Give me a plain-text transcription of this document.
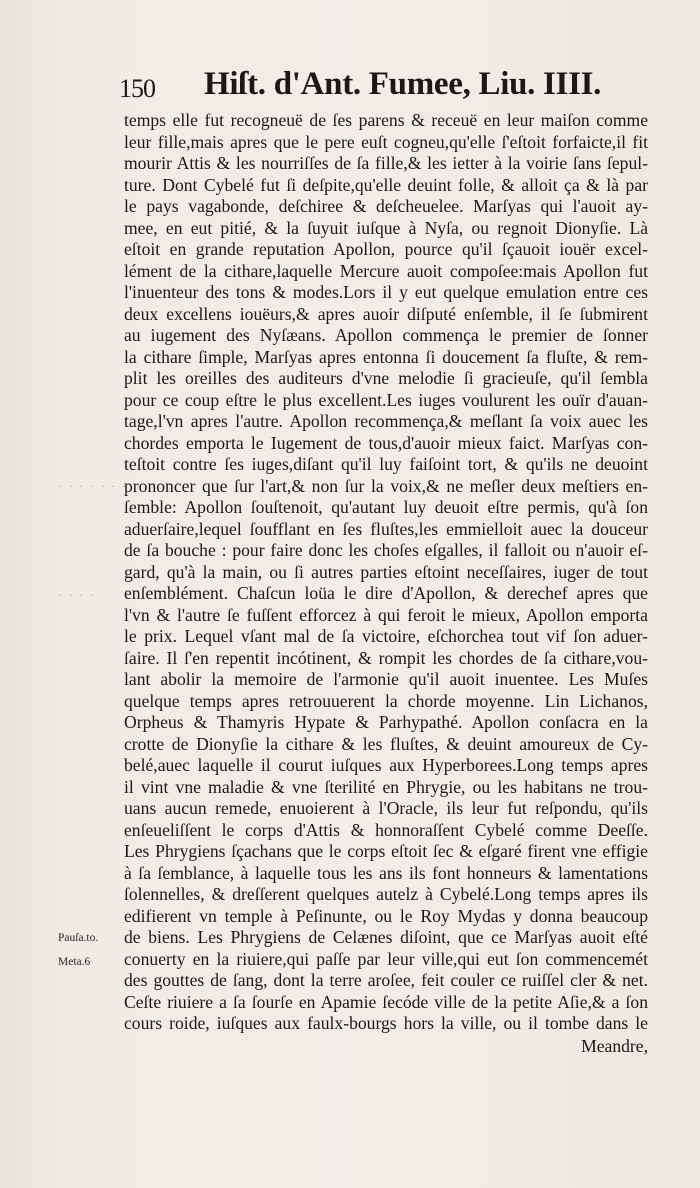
150 Hiſt. d'Ant. Fumee, Liu. IIII.
· · · · · · ·
· · · ·
Pauſa.to.
Meta.6
temps elle fut recogneuë de ſes parens & receuë en leur maiſon comme
leur fille,mais apres que le pere euſt cogneu,qu'elle ſ'eſtoit forfaicte,il fit
mourir Attis & les nourriſſes de ſa fille,& les ietter à la voirie ſans ſepul-
ture. Dont Cybelé fut ſi deſpite,qu'elle deuint folle, & alloit ça & là par
le pays vagabonde, deſchiree & deſcheuelee. Marſyas qui l'auoit ay-
mee, en eut pitié, & la ſuyuit iuſque à Nyſa, ou regnoit Dionyſie. Là
eſtoit en grande reputation Apollon, pource qu'il ſçauoit iouër excel-
lément de la cithare,laquelle Mercure auoit compoſee:mais Apollon fut
l'inuenteur des tons & modes.Lors il y eut quelque emulation entre ces
deux excellens iouëurs,& apres auoir diſputé enſemble, il ſe ſubmirent
au iugement des Nyſæans. Apollon commença le premier de ſonner
la cithare ſimple, Marſyas apres entonna ſi doucement ſa fluſte, & rem-
plit les oreilles des auditeurs d'vne melodie ſi gracieuſe, qu'il ſembla
pour ce coup eſtre le plus excellent.Les iuges voulurent les ouïr d'auan-
tage,l'vn apres l'autre. Apollon recommença,& meſlant ſa voix auec les
chordes emporta le Iugement de tous,d'auoir mieux faict. Marſyas con-
teſtoit contre ſes iuges,diſant qu'il luy faiſoint tort, & qu'ils ne deuoint
prononcer que ſur l'art,& non ſur la voix,& ne meſler deux meſtiers en-
ſemble: Apollon ſouſtenoit, qu'autant luy deuoit eſtre permis, qu'à ſon
aduerſaire,lequel ſoufflant en ſes fluſtes,les emmielloit auec la douceur
de ſa bouche : pour faire donc les choſes eſgalles, il falloit ou n'auoir eſ-
gard, qu'à la main, ou ſi autres parties eſtoint neceſſaires, iuger de tout
enſemblément. Chaſcun loüa le dire d'Apollon, & derechef apres que
l'vn & l'autre ſe fuſſent efforcez à qui feroit le mieux, Apollon emporta
le prix. Lequel vſant mal de ſa victoire, eſchorchea tout vif ſon aduer-
ſaire. Il ſ'en repentit incótinent, & rompit les chordes de ſa cithare,vou-
lant abolir la memoire de l'armonie qu'il auoit inuentee. Les Muſes
quelque temps apres retrouuerent la chorde moyenne. Lin Lichanos,
Orpheus & Thamyris Hypate & Parhypathé. Apollon conſacra en la
crotte de Dionyſie la cithare & les fluſtes, & deuint amoureux de Cy-
belé,auec laquelle il courut iuſques aux Hyperborees.Long temps apres
il vint vne maladie & vne ſterilité en Phrygie, ou les habitans ne trou-
uans aucun remede, enuoierent à l'Oracle, ils leur fut reſpondu, qu'ils
enſeueliſſent le corps d'Attis & honnoraſſent Cybelé comme Deeſſe.
Les Phrygiens ſçachans que le corps eſtoit ſec & eſgaré firent vne effigie
à ſa ſemblance, à laquelle tous les ans ils font honneurs & lamentations
ſolennelles, & dreſſerent quelques autelz à Cybelé.Long temps apres ils
edifierent vn temple à Peſinunte, ou le Roy Mydas y donna beaucoup
de biens. Les Phrygiens de Celænes diſoint, que ce Marſyas auoit eſté
conuerty en la riuiere,qui paſſe par leur ville,qui eut ſon commencemét
des gouttes de ſang, dont la terre aroſee, feit couler ce ruiſſel cler & net.
Ceſte riuiere a ſa ſourſe en Apamie ſecóde ville de la petite Aſie,& a ſon
cours roide, iuſques aux faulx-bourgs hors la ville, ou il tombe dans le
Meandre,
